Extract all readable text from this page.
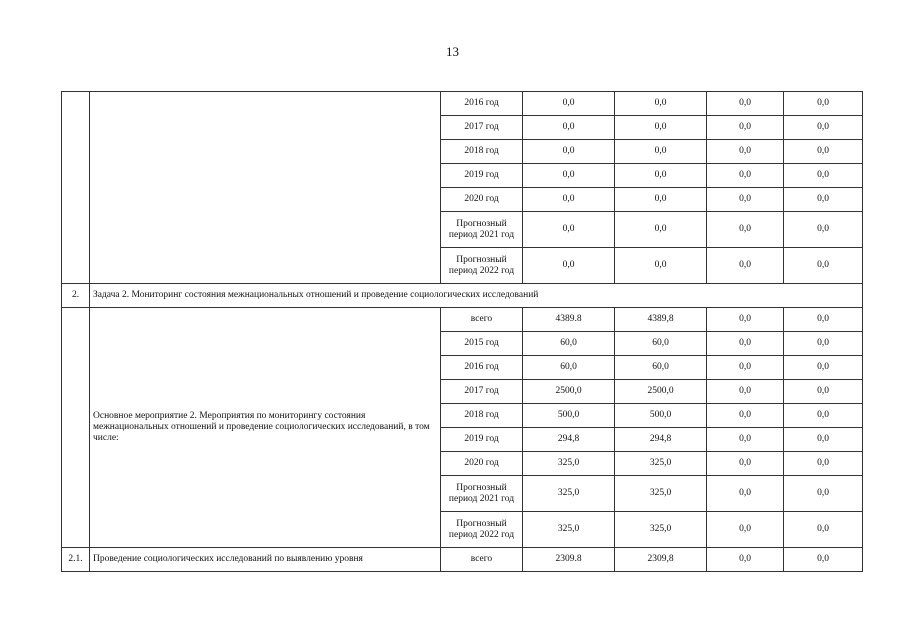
13
		2016 год	0,0	0,0	0,0	0,0
		2017 год	0,0	0,0	0,0	0,0
		2018 год	0,0	0,0	0,0	0,0
		2019 год	0,0	0,0	0,0	0,0
		2020 год	0,0	0,0	0,0	0,0
		Прогнозный период 2021 год	0,0	0,0	0,0	0,0
		Прогнозный период 2022 год	0,0	0,0	0,0	0,0
2.	Задача 2. Мониторинг состояния межнациональных отношений и проведение социологических исследований					
	Основное мероприятие 2. Мероприятия по мониторингу состояния межнациональных отношений и проведение социологических исследований, в том числе:	всего	4389.8	4389,8	0,0	0,0
		2015 год	60,0	60,0	0,0	0,0
		2016 год	60,0	60,0	0,0	0,0
		2017 год	2500,0	2500,0	0,0	0,0
		2018 год	500,0	500,0	0,0	0,0
		2019 год	294,8	294,8	0,0	0,0
		2020 год	325,0	325,0	0,0	0,0
		Прогнозный период 2021 год	325,0	325,0	0,0	0,0
		Прогнозный период 2022 год	325,0	325,0	0,0	0,0
2.1.	Проведение социологических исследований по выявлению уровня	всего	2309.8	2309,8	0,0	0,0
